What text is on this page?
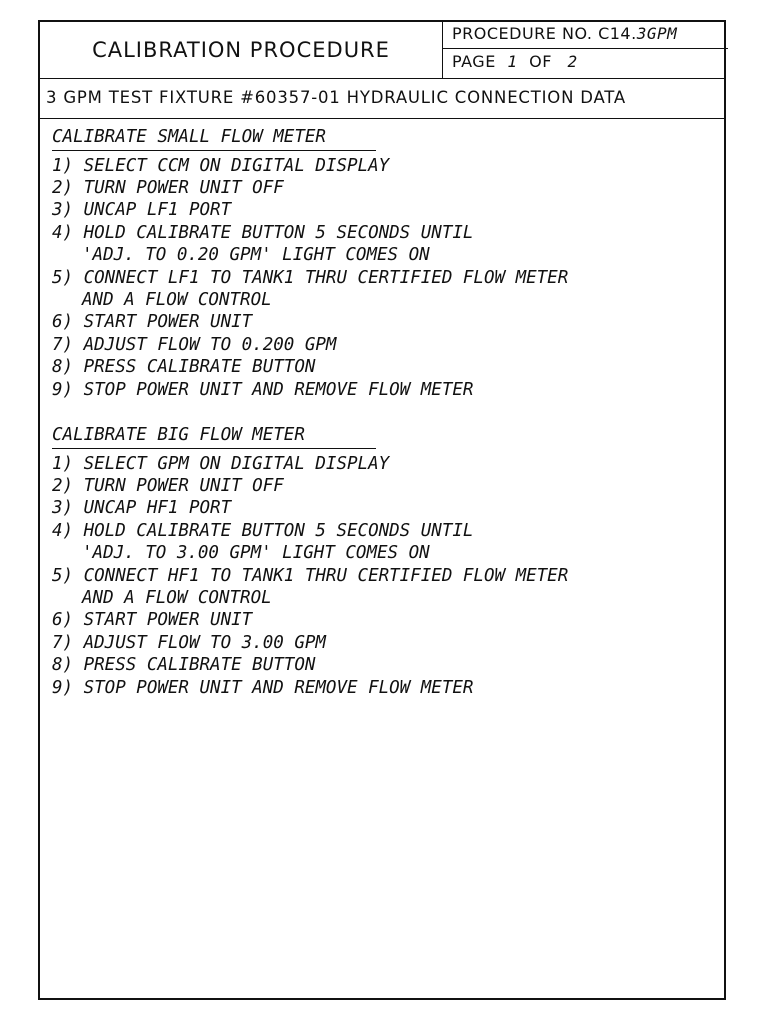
CALIBRATION PROCEDURE
PROCEDURE NO. C14.3GPM
PAGE 1 OF 2
3 GPM TEST FIXTURE #60357-01 HYDRAULIC CONNECTION DATA
CALIBRATE SMALL FLOW METER
1) SELECT CCM ON DIGITAL DISPLAY
2) TURN POWER UNIT OFF
3) UNCAP LF1 PORT
4) HOLD CALIBRATE BUTTON 5 SECONDS UNTIL
'ADJ. TO 0.20 GPM' LIGHT COMES ON
5) CONNECT LF1 TO TANK1 THRU CERTIFIED FLOW METER
AND A FLOW CONTROL
6) START POWER UNIT
7) ADJUST FLOW TO 0.200 GPM
8) PRESS CALIBRATE BUTTON
9) STOP POWER UNIT AND REMOVE FLOW METER
CALIBRATE BIG FLOW METER
1) SELECT GPM ON DIGITAL DISPLAY
2) TURN POWER UNIT OFF
3) UNCAP HF1 PORT
4) HOLD CALIBRATE BUTTON 5 SECONDS UNTIL
'ADJ. TO 3.00 GPM' LIGHT COMES ON
5) CONNECT HF1 TO TANK1 THRU CERTIFIED FLOW METER
AND A FLOW CONTROL
6) START POWER UNIT
7) ADJUST FLOW TO 3.00 GPM
8) PRESS CALIBRATE BUTTON
9) STOP POWER UNIT AND REMOVE FLOW METER
